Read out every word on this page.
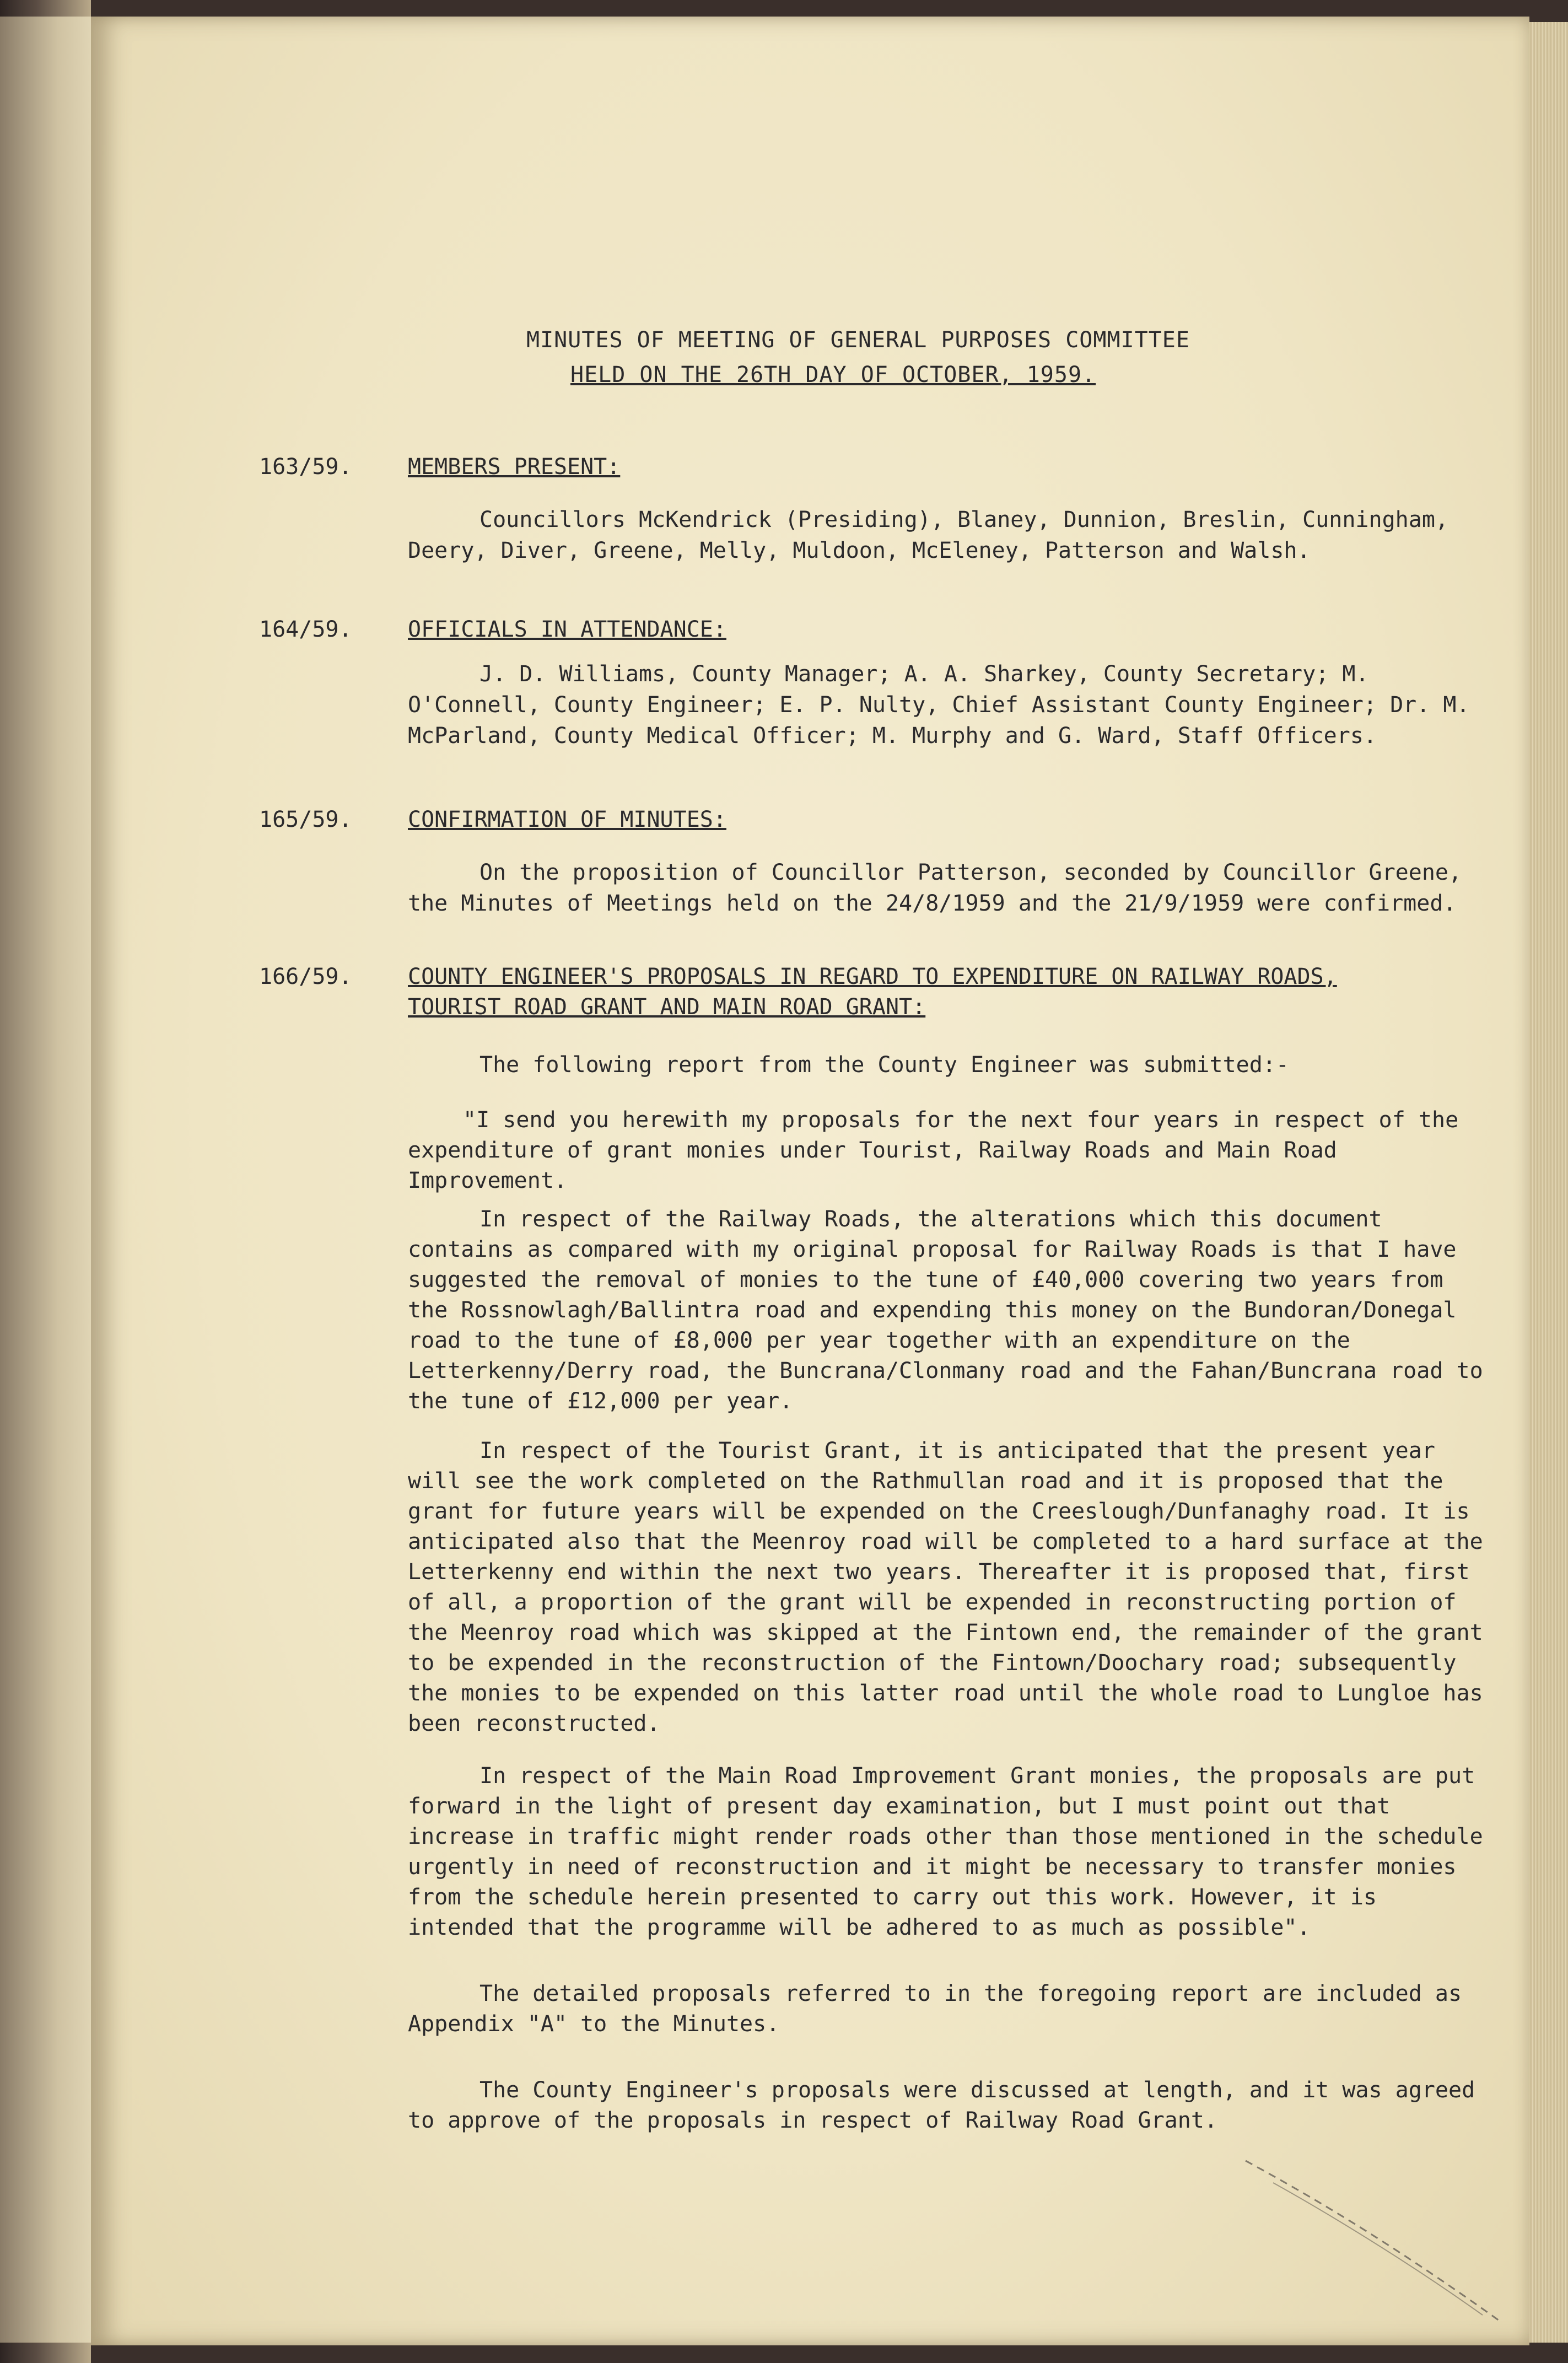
MINUTES OF MEETING OF GENERAL PURPOSES COMMITTEE
HELD ON THE 26TH DAY OF OCTOBER, 1959.
163/59.	MEMBERS PRESENT:
Councillors McKendrick (Presiding), Blaney, Dunnion, Breslin, Cunningham, Deery, Diver, Greene, Melly, Muldoon, McEleney, Patterson and Walsh.
164/59.	OFFICIALS IN ATTENDANCE:
J. D. Williams, County Manager; A. A. Sharkey, County Secretary; M. O'Connell, County Engineer; E. P. Nulty, Chief Assistant County Engineer; Dr. M. McParland, County Medical Officer; M. Murphy and G. Ward, Staff Officers.
165/59.	CONFIRMATION OF MINUTES:
On the proposition of Councillor Patterson, seconded by Councillor Greene, the Minutes of Meetings held on the 24/8/1959 and the 21/9/1959 were confirmed.
166/59.	COUNTY ENGINEER'S PROPOSALS IN REGARD TO EXPENDITURE ON RAILWAY ROADS,
TOURIST ROAD GRANT AND MAIN ROAD GRANT:
The following report from the County Engineer was submitted:-
"I send you herewith my proposals for the next four years in respect of the expenditure of grant monies under Tourist, Railway Roads and Main Road Improvement.
In respect of the Railway Roads, the alterations which this document contains as compared with my original proposal for Railway Roads is that I have suggested the removal of monies to the tune of £40,000 covering two years from the Rossnowlagh/Ballintra road and expending this money on the Bundoran/Donegal road to the tune of £8,000 per year together with an expenditure on the Letterkenny/Derry road, the Buncrana/Clonmany road and the Fahan/Buncrana road to the tune of £12,000 per year.
In respect of the Tourist Grant, it is anticipated that the present year will see the work completed on the Rathmullan road and it is proposed that the grant for future years will be expended on the Creeslough/Dunfanaghy road. It is anticipated also that the Meenroy road will be completed to a hard surface at the Letterkenny end within the next two years. Thereafter it is proposed that, first of all, a proportion of the grant will be expended in reconstructing portion of the Meenroy road which was skipped at the Fintown end, the remainder of the grant to be expended in the reconstruction of the Fintown/Doochary road; subsequently the monies to be expended on this latter road until the whole road to Lungloe has been reconstructed.
In respect of the Main Road Improvement Grant monies, the proposals are put forward in the light of present day examination, but I must point out that increase in traffic might render roads other than those mentioned in the schedule urgently in need of reconstruction and it might be necessary to transfer monies from the schedule herein presented to carry out this work. However, it is intended that the programme will be adhered to as much as possible".
The detailed proposals referred to in the foregoing report are included as Appendix "A" to the Minutes.
The County Engineer's proposals were discussed at length, and it was agreed to approve of the proposals in respect of Railway Road Grant.
